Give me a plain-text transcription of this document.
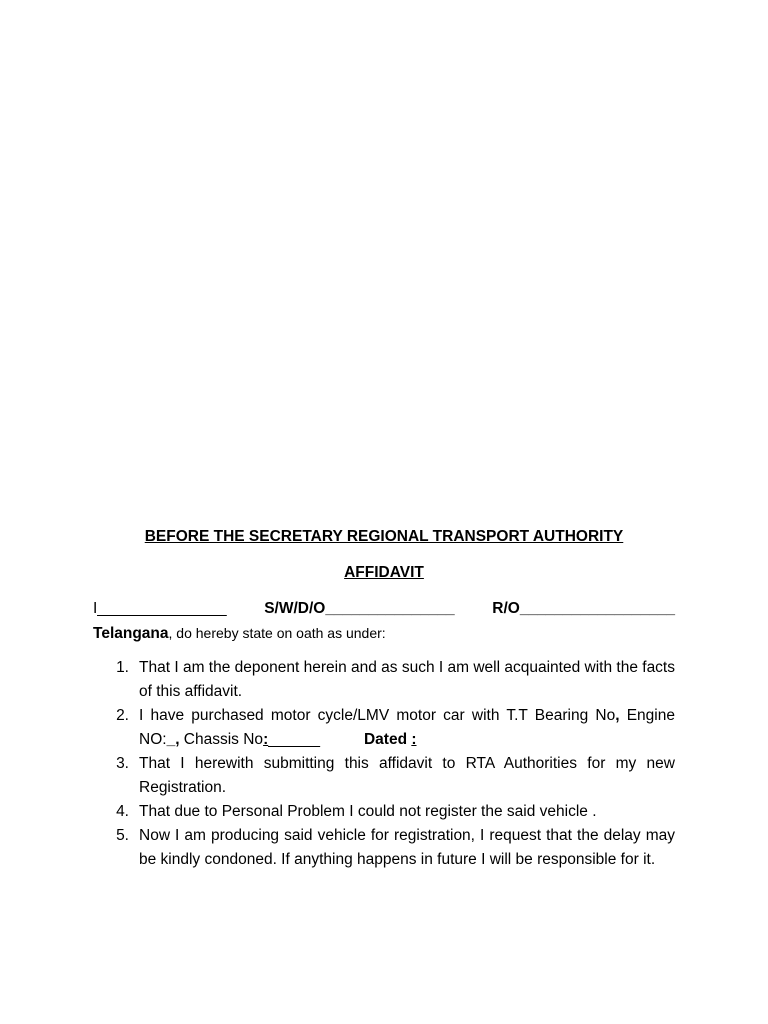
BEFORE THE SECRETARY REGIONAL TRANSPORT AUTHORITY

AFFIDAVIT

I_______________ S/W/D/O_______________ R/O__________________
Telangana, do hereby state on oath as under:
1. That I am the deponent herein and as such I am well acquainted with the facts of this affidavit.
2. I have purchased motor cycle/LMV motor car with T.T Bearing No, Engine NO:_, Chassis No:______	Dated :
3. That I herewith submitting this affidavit to RTA Authorities for my new Registration.
4. That due to Personal Problem I could not register the said vehicle .
5. Now I am producing said vehicle for registration, I request that the delay may be kindly condoned. If anything happens in future I will be responsible for it.
